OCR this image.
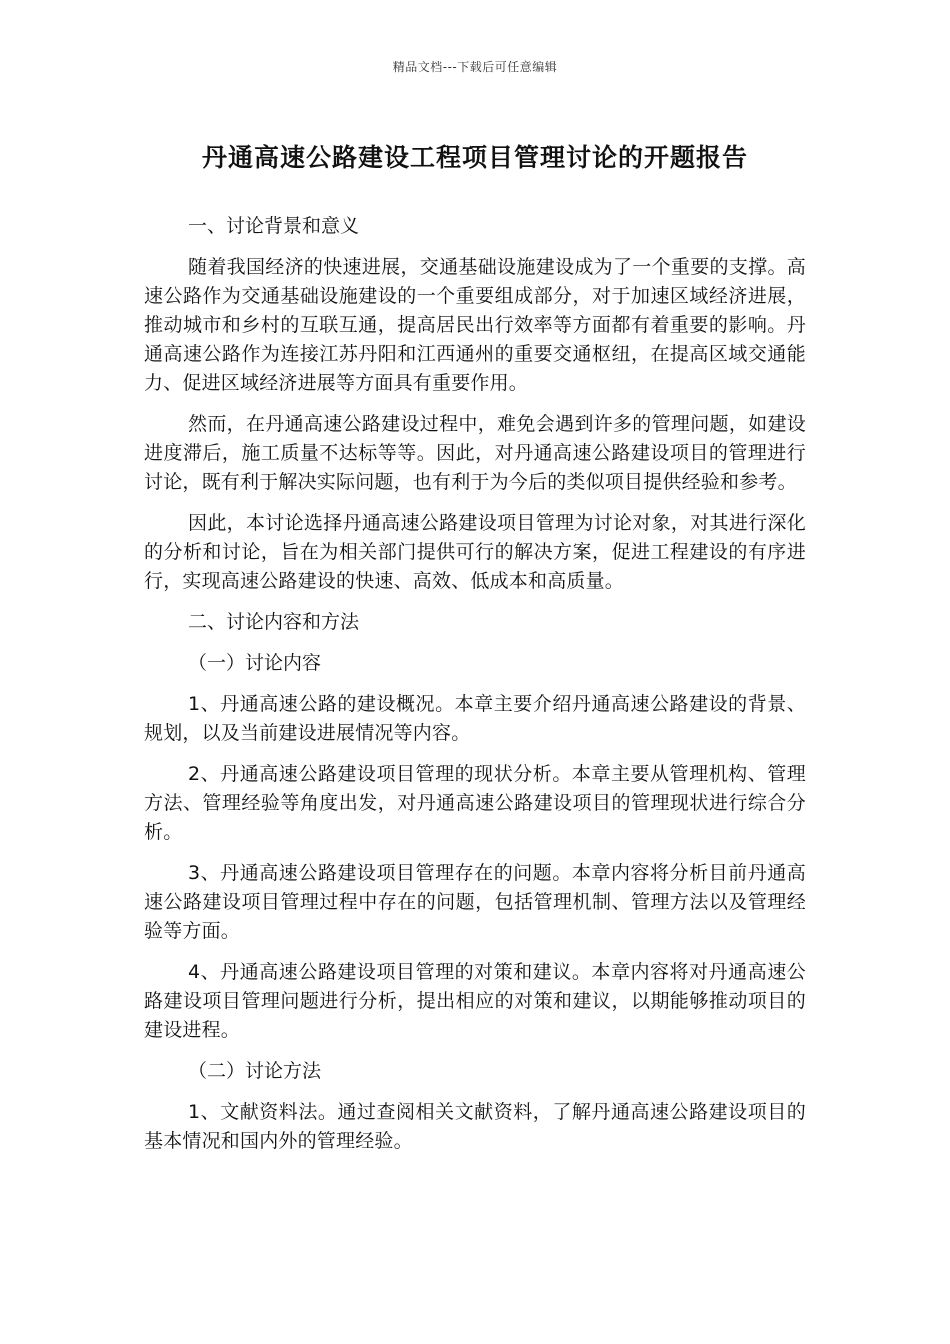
精品文档---下载后可任意编辑
丹通高速公路建设工程项目管理讨论的开题报告

一、讨论背景和意义

随着我国经济的快速进展，交通基础设施建设成为了一个重要的支撑。高速公路作为交通基础设施建设的一个重要组成部分，对于加速区域经济进展，推动城市和乡村的互联互通，提高居民出行效率等方面都有着重要的影响。丹通高速公路作为连接江苏丹阳和江西通州的重要交通枢纽，在提高区域交通能力、促进区域经济进展等方面具有重要作用。

然而，在丹通高速公路建设过程中，难免会遇到许多的管理问题，如建设进度滞后，施工质量不达标等等。因此，对丹通高速公路建设项目的管理进行讨论，既有利于解决实际问题，也有利于为今后的类似项目提供经验和参考。

因此，本讨论选择丹通高速公路建设项目管理为讨论对象，对其进行深化的分析和讨论，旨在为相关部门提供可行的解决方案，促进工程建设的有序进行，实现高速公路建设的快速、高效、低成本和高质量。

二、讨论内容和方法

（一）讨论内容

1、丹通高速公路的建设概况。本章主要介绍丹通高速公路建设的背景、规划，以及当前建设进展情况等内容。

2、丹通高速公路建设项目管理的现状分析。本章主要从管理机构、管理方法、管理经验等角度出发，对丹通高速公路建设项目的管理现状进行综合分析。

3、丹通高速公路建设项目管理存在的问题。本章内容将分析目前丹通高速公路建设项目管理过程中存在的问题，包括管理机制、管理方法以及管理经验等方面。

4、丹通高速公路建设项目管理的对策和建议。本章内容将对丹通高速公路建设项目管理问题进行分析，提出相应的对策和建议，以期能够推动项目的建设进程。

（二）讨论方法

1、文献资料法。通过查阅相关文献资料，了解丹通高速公路建设项目的基本情况和国内外的管理经验。
